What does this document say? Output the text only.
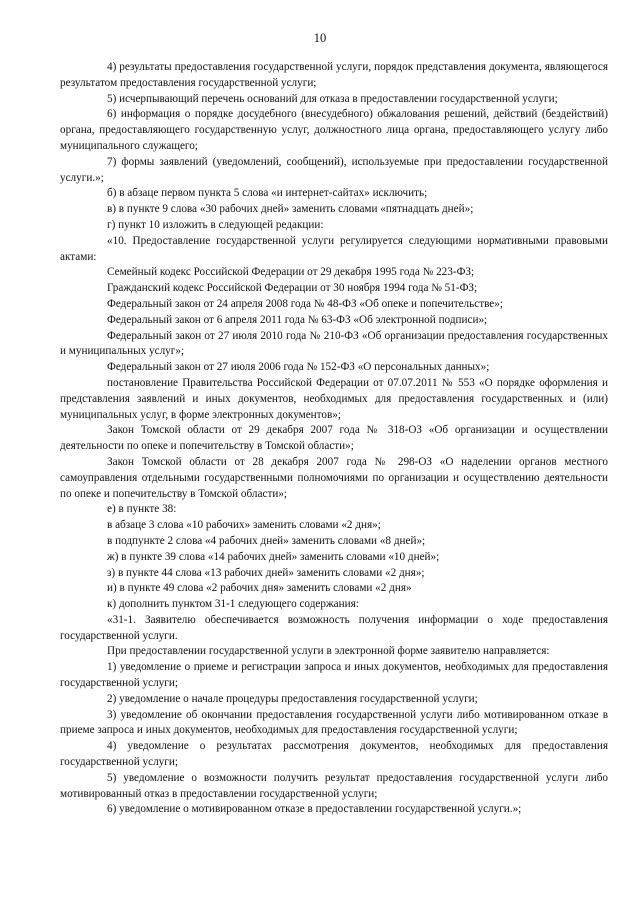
10

4) результаты предоставления государственной услуги, порядок представления документа, являющегося результатом предоставления государственной услуги;

5) исчерпывающий перечень оснований для отказа в предоставлении государственной услуги;

6) информация о порядке досудебного (внесудебного) обжалования решений, действий (бездействий) органа, предоставляющего государственную услуг, должностного лица органа, предоставляющего услугу либо муниципального служащего;

7) формы заявлений (уведомлений, сообщений), используемые при предоставлении государственной услуги.»;

б) в абзаце первом пункта 5 слова «и интернет-сайтах» исключить;

в) в пункте 9 слова «30 рабочих дней» заменить словами «пятнадцать дней»;

г) пункт 10 изложить в следующей редакции:

«10. Предоставление государственной услуги регулируется следующими нормативными правовыми актами:

Семейный кодекс Российской Федерации от 29 декабря 1995 года № 223-ФЗ;

Гражданский кодекс Российской Федерации от 30 ноября 1994 года № 51-ФЗ;

Федеральный закон от 24 апреля 2008 года № 48-ФЗ «Об опеке и попечительстве»;

Федеральный закон от 6 апреля 2011 года № 63-ФЗ «Об электронной подписи»;

Федеральный закон от 27 июля 2010 года № 210-ФЗ «Об организации предоставления государственных и муниципальных услуг»;

Федеральный закон от 27 июля 2006 года № 152-ФЗ «О персональных данных»;

постановление Правительства Российской Федерации от 07.07.2011 № 553 «О порядке оформления и представления заявлений и иных документов, необходимых для предоставления государственных и (или) муниципальных услуг, в форме электронных документов»;

Закон Томской области от 29 декабря 2007 года № 318-ОЗ «Об организации и осуществлении деятельности по опеке и попечительству в Томской области»;

Закон Томской области от 28 декабря 2007 года № 298-ОЗ «О наделении органов местного самоуправления отдельными государственными полномочиями по организации и осуществлению деятельности по опеке и попечительству в Томской области»;

е) в пункте 38:

в абзаце 3 слова «10 рабочих» заменить словами «2 дня»;

в подпункте 2 слова «4 рабочих дней» заменить словами «8 дней»;

ж) в пункте 39 слова «14 рабочих дней» заменить словами «10 дней»;

з) в пункте 44 слова «13 рабочих дней» заменить словами «2 дня»;

и) в пункте 49 слова «2 рабочих дня» заменить словами «2 дня»

к) дополнить пунктом 31-1 следующего содержания:

«31-1. Заявителю обеспечивается возможность получения информации о ходе предоставления государственной услуги.

При предоставлении государственной услуги в электронной форме заявителю направляется:

1) уведомление о приеме и регистрации запроса и иных документов, необходимых для предоставления государственной услуги;

2) уведомление о начале процедуры предоставления государственной услуги;

3) уведомление об окончании предоставления государственной услуги либо мотивированном отказе в приеме запроса и иных документов, необходимых для предоставления государственной услуги;

4) уведомление о результатах рассмотрения документов, необходимых для предоставления государственной услуги;

5) уведомление о возможности получить результат предоставления государственной услуги либо мотивированный отказ в предоставлении государственной услуги;

6) уведомление о мотивированном отказе в предоставлении государственной услуги.»;
